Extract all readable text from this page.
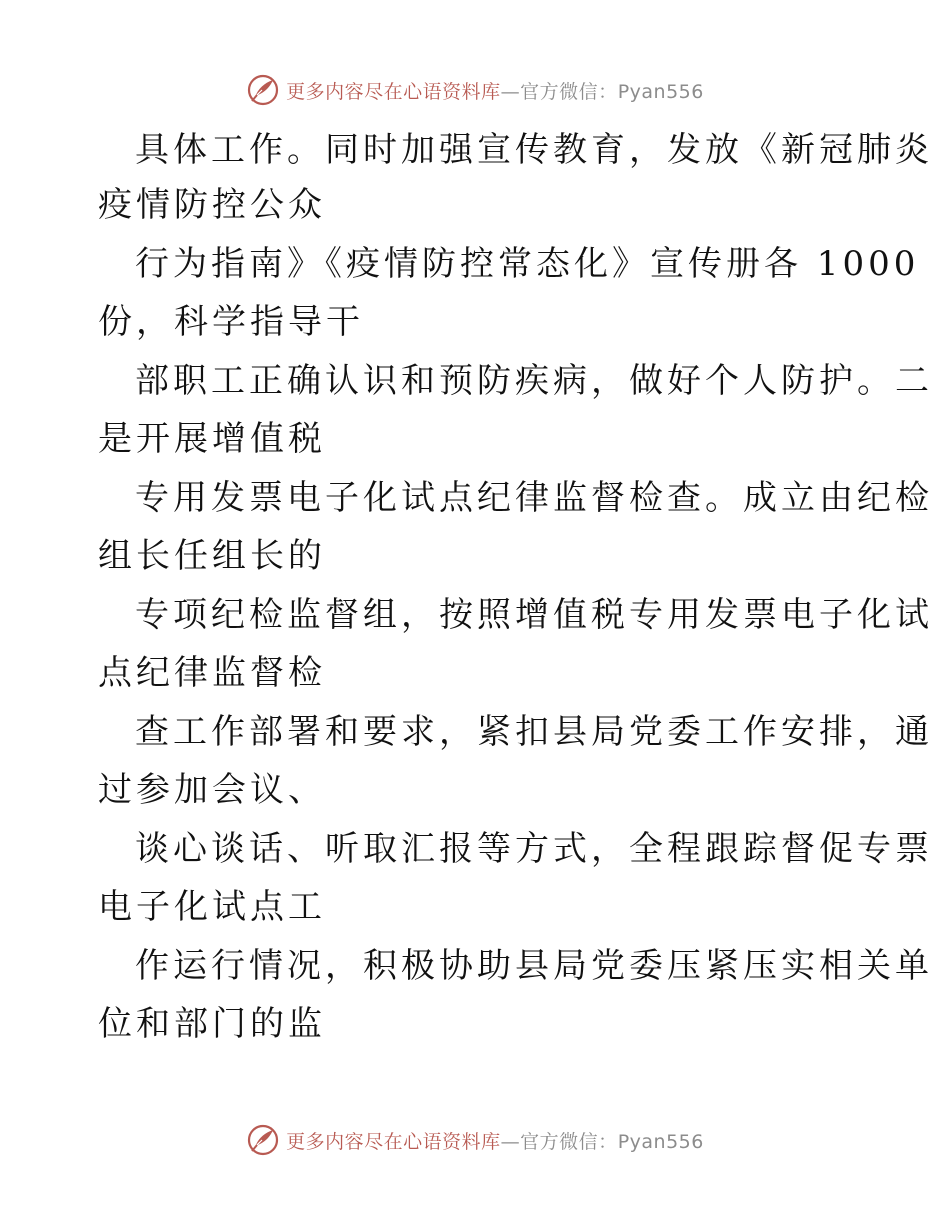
更多内容尽在心语资料库—官方微信：Pyan556
具体工作。同时加强宣传教育，发放《新冠肺炎
疫情防控公众
行为指南》《疫情防控常态化》宣传册各 1000
份，科学指导干
部职工正确认识和预防疾病，做好个人防护。二
是开展增值税
专用发票电子化试点纪律监督检查。成立由纪检
组长任组长的
专项纪检监督组，按照增值税专用发票电子化试
点纪律监督检
查工作部署和要求，紧扣县局党委工作安排，通
过参加会议、
谈心谈话、听取汇报等方式，全程跟踪督促专票
电子化试点工
作运行情况，积极协助县局党委压紧压实相关单
位和部门的监
更多内容尽在心语资料库—官方微信：Pyan556
